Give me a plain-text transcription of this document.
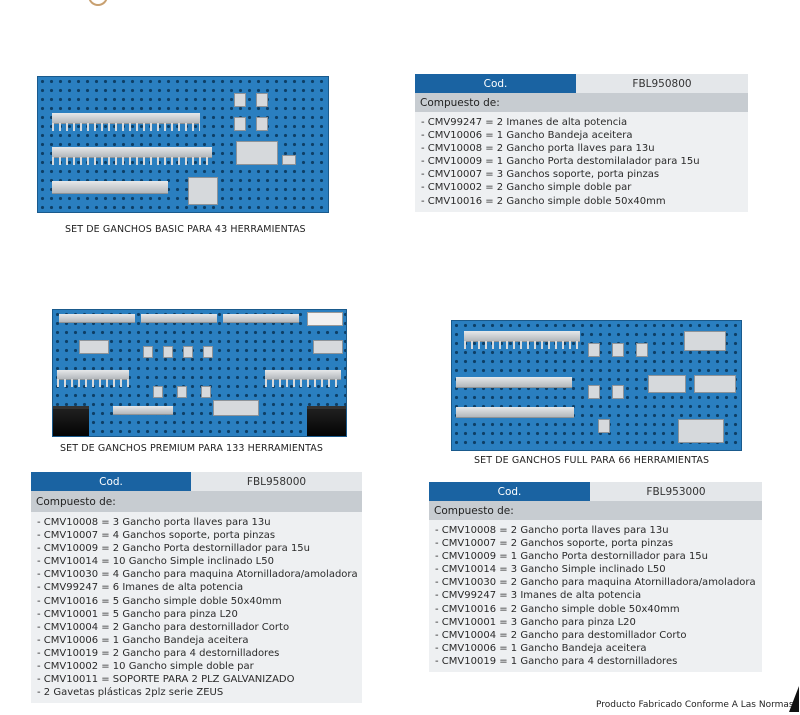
SET DE GANCHOS BASIC PARA 43 HERRAMIENTAS
Cod.	FBL950800
Compuesto de:
- CMV99247 = 2 Imanes de alta potencia
- CMV10006 = 1 Gancho Bandeja aceitera
- CMV10008 = 2 Gancho porta llaves para 13u
- CMV10009 = 1 Gancho Porta destomilalador para 15u
- CMV10007 = 3 Ganchos soporte, porta pinzas
- CMV10002 = 2 Gancho simple doble par
- CMV10016 = 2 Gancho simple doble 50x40mm
SET DE GANCHOS PREMIUM PARA 133 HERRAMIENTAS
Cod.	FBL958000
Compuesto de:
- CMV10008 = 3 Gancho porta llaves para 13u
- CMV10007 = 4 Ganchos soporte, porta pinzas
- CMV10009 = 2 Gancho Porta destornillador para 15u
- CMV10014 = 10 Gancho Simple inclinado L50
- CMV10030 = 4 Gancho para maquina Atornilladora/amoladora
- CMV99247 = 6 Imanes de alta potencia
- CMV10016 = 5 Gancho simple doble 50x40mm
- CMV10001 = 5 Gancho para pinza L20
- CMV10004 = 2 Gancho para destornillador Corto
- CMV10006 = 1 Gancho Bandeja aceitera
- CMV10019 = 2 Gancho para 4 destornilladores
- CMV10002 = 10 Gancho simple doble par
- CMV10011 = SOPORTE PARA 2 PLZ GALVANIZADO
- 2 Gavetas plásticas 2plz serie ZEUS
SET DE GANCHOS FULL PARA 66 HERRAMIENTAS
Cod.	FBL953000
Compuesto de:
- CMV10008 = 2 Gancho porta llaves para 13u
- CMV10007 = 2 Ganchos soporte, porta pinzas
- CMV10009 = 1 Gancho Porta destornillador para 15u
- CMV10014 = 3 Gancho Simple inclinado L50
- CMV10030 = 2 Gancho para maquina Atornilladora/amoladora
- CMV99247 = 3 Imanes de alta potencia
- CMV10016 = 2 Gancho simple doble 50x40mm
- CMV10001 = 3 Gancho para pinza L20
- CMV10004 = 2 Gancho para destomillador Corto
- CMV10006 = 1 Gancho Bandeja aceitera
- CMV10019 = 1 Gancho para 4 destornilladores
Producto Fabricado Conforme A Las Normas
